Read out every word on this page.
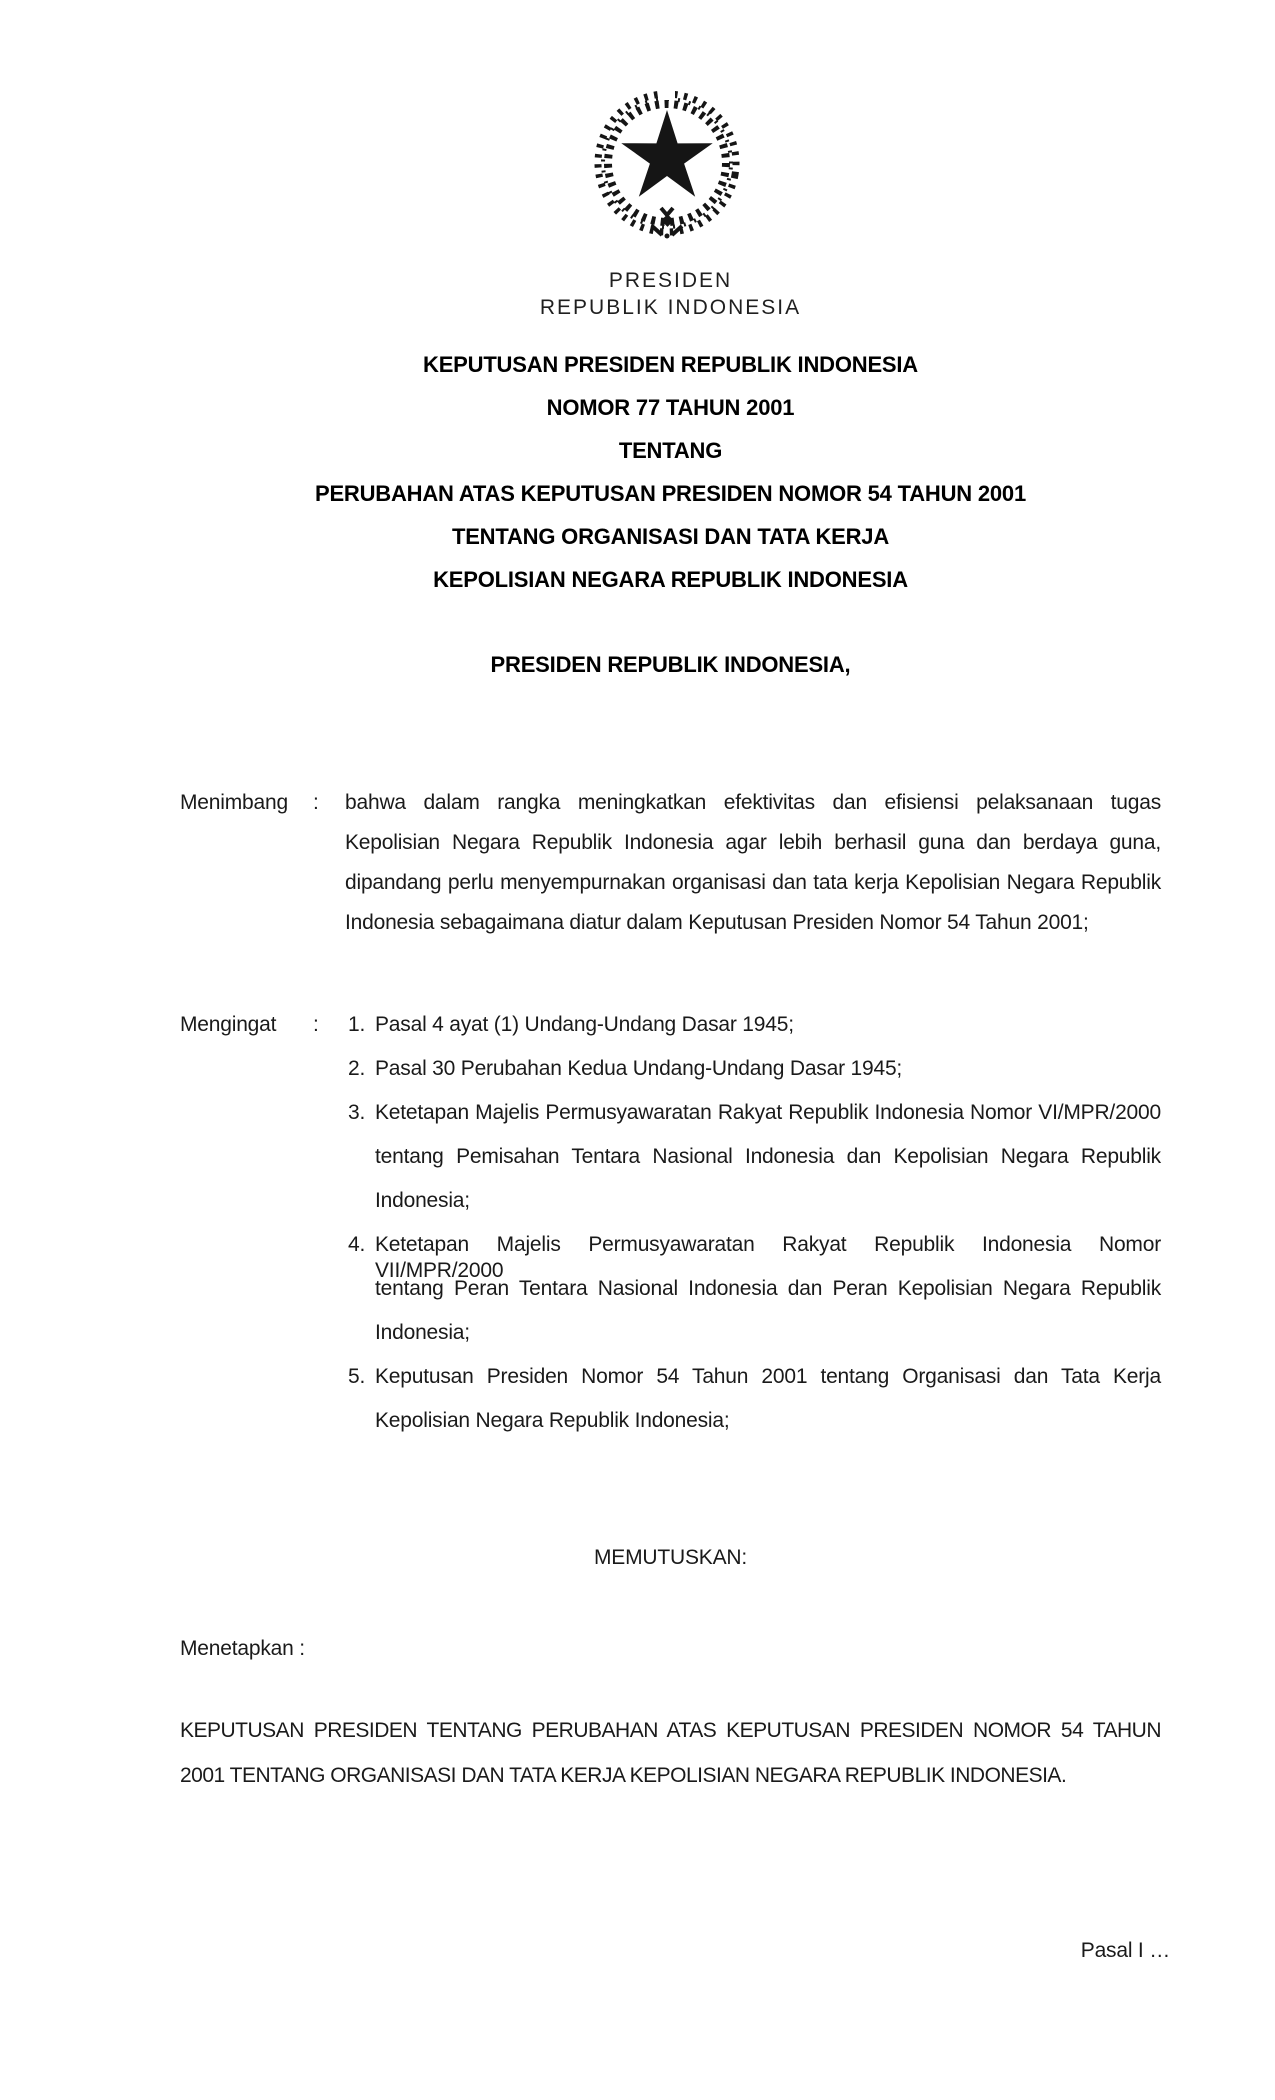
PRESIDEN
REPUBLIK INDONESIA
KEPUTUSAN PRESIDEN REPUBLIK INDONESIA
NOMOR 77 TAHUN 2001
TENTANG
PERUBAHAN ATAS KEPUTUSAN PRESIDEN NOMOR 54 TAHUN 2001
TENTANG ORGANISASI DAN TATA KERJA
KEPOLISIAN NEGARA REPUBLIK INDONESIA
PRESIDEN REPUBLIK INDONESIA,
Menimbang : bahwa dalam rangka meningkatkan efektivitas dan efisiensi pelaksanaan tugas
Kepolisian Negara Republik Indonesia agar lebih berhasil guna dan berdaya guna,
dipandang perlu menyempurnakan organisasi dan tata kerja Kepolisian Negara Republik
Indonesia sebagaimana diatur dalam Keputusan Presiden Nomor 54 Tahun 2001;
Mengingat : 1. Pasal 4 ayat (1) Undang-Undang Dasar 1945;
2. Pasal 30 Perubahan Kedua Undang-Undang Dasar 1945;
3. Ketetapan Majelis Permusyawaratan Rakyat Republik Indonesia Nomor VI/MPR/2000
tentang Pemisahan Tentara Nasional Indonesia dan Kepolisian Negara Republik
Indonesia;
4. Ketetapan Majelis Permusyawaratan Rakyat Republik Indonesia Nomor VII/MPR/2000
tentang Peran Tentara Nasional Indonesia dan Peran Kepolisian Negara Republik
Indonesia;
5. Keputusan Presiden Nomor 54 Tahun 2001 tentang Organisasi dan Tata Kerja
Kepolisian Negara Republik Indonesia;
MEMUTUSKAN:
Menetapkan :
KEPUTUSAN PRESIDEN TENTANG PERUBAHAN ATAS KEPUTUSAN PRESIDEN NOMOR 54 TAHUN
2001 TENTANG ORGANISASI DAN TATA KERJA KEPOLISIAN NEGARA REPUBLIK INDONESIA.
Pasal I …
